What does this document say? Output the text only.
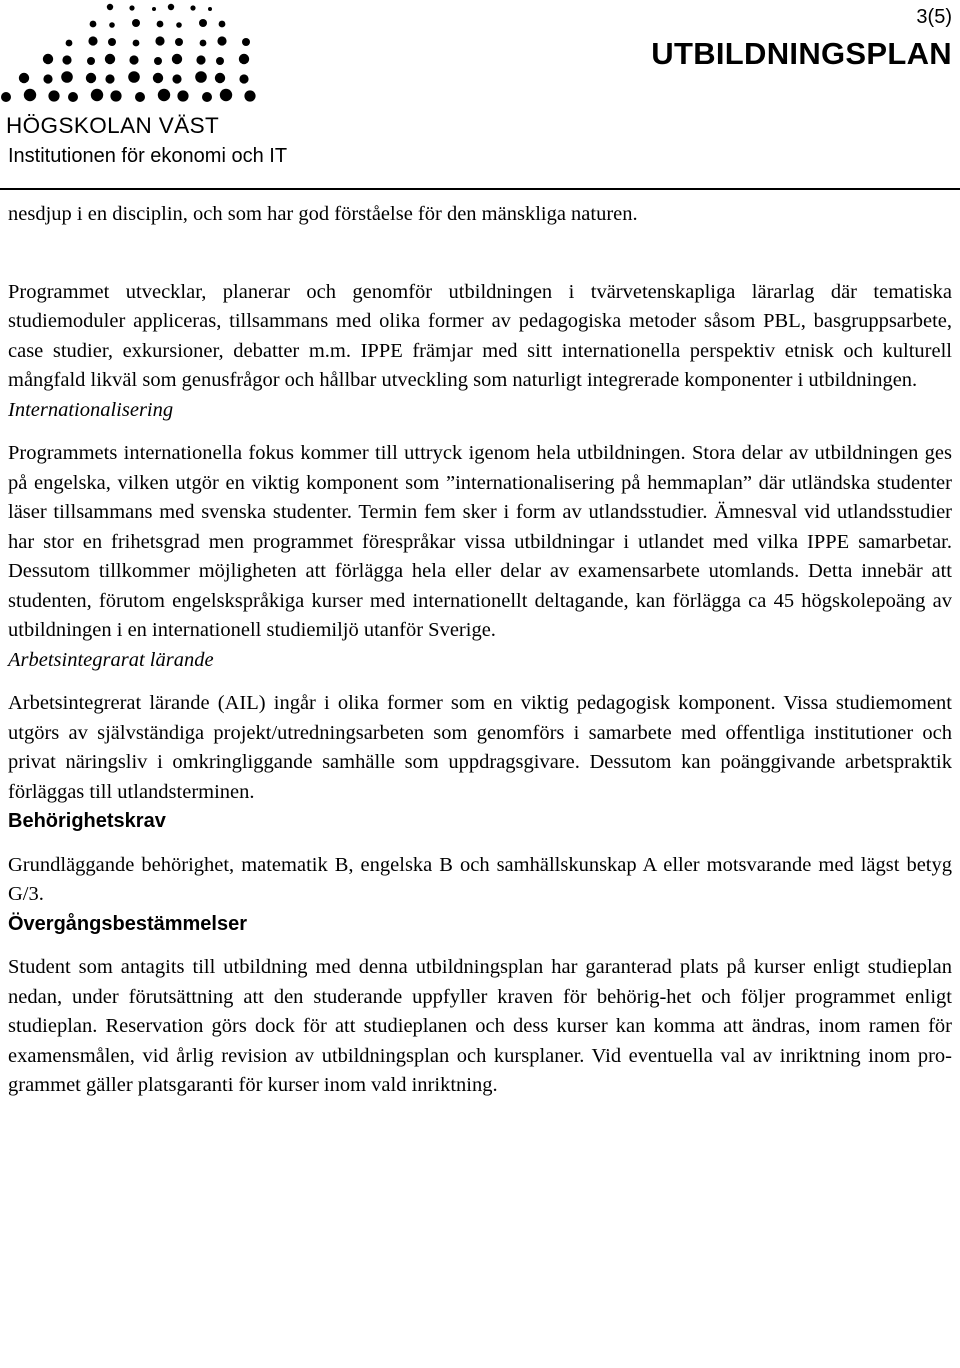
HÖGSKOLAN VÄST
Institutionen för ekonomi och IT
3(5)
UTBILDNINGSPLAN

nesdjup i en disciplin, och som har god förståelse för den mänskliga naturen.

Programmet utvecklar, planerar och genomför utbildningen i tvärvetenskapliga lärarlag där tematiska studiemoduler appliceras, tillsammans med olika former av pedagogiska metoder såsom PBL, basgruppsarbete, case studier, exkursioner, debatter m.m. IPPE främjar med sitt internationella perspektiv etnisk och kulturell mångfald likväl som genusfrågor och hållbar utveckling som naturligt integrerade komponenter i utbildningen.

Internationalisering

Programmets internationella fokus kommer till uttryck igenom hela utbildningen. Stora delar av utbildningen ges på engelska, vilken utgör en viktig komponent som ”internationalisering på hemmaplan” där utländska studenter läser tillsammans med svenska studenter. Termin fem sker i form av utlandsstudier. Ämnesval vid utlandsstudier har stor en frihetsgrad men programmet förespråkar vissa utbildningar i utlandet med vilka IPPE samarbetar. Dessutom tillkommer möjligheten att förlägga hela eller delar av examensarbete utomlands. Detta innebär att studenten, förutom engelskspråkiga kurser med internationellt deltagande, kan förlägga ca 45 högskolepoäng av utbildningen i en internationell studiemiljö utanför Sverige.

Arbetsintegrarat lärande

Arbetsintegrerat lärande (AIL) ingår i olika former som en viktig pedagogisk komponent. Vissa studiemoment utgörs av självständiga projekt/utredningsarbeten som genomförs i samarbete med offentliga institutioner och privat näringsliv i omkringliggande samhälle som uppdragsgivare. Dessutom kan poänggivande arbetspraktik förläggas till utlandsterminen.

Behörighetskrav

Grundläggande behörighet, matematik B, engelska B och samhällskunskap A eller motsvarande med lägst betyg G/3.

Övergångsbestämmelser

Student som antagits till utbildning med denna utbildningsplan har garanterad plats på kurser enligt studieplan nedan, under förutsättning att den studerande uppfyller kraven för behörig-het och följer programmet enligt studieplan. Reservation görs dock för att studieplanen och dess kurser kan komma att ändras, inom ramen för examensmålen, vid årlig revision av utbildningsplan och kursplaner. Vid eventuella val av inriktning inom programmet gäller platsgaranti för kurser inom vald inriktning.
